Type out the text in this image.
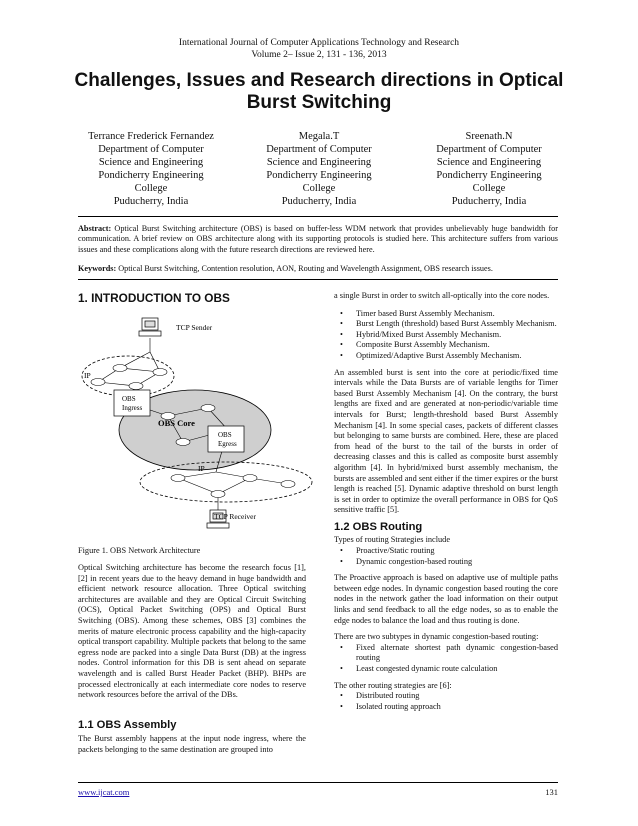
International Journal of Computer Applications Technology and Research
Volume 2– Issue 2, 131 - 136, 2013
Challenges, Issues and Research directions in Optical Burst Switching
Terrance Frederick Fernandez
Department of Computer
Science and Engineering
Pondicherry Engineering
College
Puducherry, India
Megala.T
Department of Computer
Science and Engineering
Pondicherry Engineering
College
Puducherry, India
Sreenath.N
Department of Computer
Science and Engineering
Pondicherry Engineering
College
Puducherry, India
Abstract: Optical Burst Switching architecture (OBS) is based on buffer-less WDM network that provides unbelievably huge bandwidth for communication. A brief review on OBS architecture along with its supporting protocols is studied here. This architecture suffers from various issues and these complications along with the future research directions are reviewed here.
Keywords: Optical Burst Switching, Contention resolution, AON, Routing and Wavelength Assignment, OBS research issues.
1. INTRODUCTION TO OBS
TCP Sender
IP
OBS
Ingress
OBS Core
OBS
Egress
IP
TCP Receiver
Figure 1. OBS Network Architecture

Optical Switching architecture has become the research focus [1], [2] in recent years due to the heavy demand in huge bandwidth and efficient network resource allocation. Three Optical switching architectures are available and they are Optical Circuit Switching (OCS), Optical Packet Switching (OPS) and Optical Burst Switching (OBS). Among these schemes, OBS [3] combines the merits of mature electronic process capability and the high-capacity optical transport capability. Multiple packets that belong to the same egress node are packed into a single Data Burst (DB) at the ingress nodes. Control information for this DB is sent ahead on separate wavelength and is called Burst Header Packet (BHP). BHPs are processed electronically at each intermediate core nodes to reserve network resources before the arrival of the DBs.

1.1 OBS Assembly

The Burst assembly happens at the input node ingress, where the packets belonging to the same destination are grouped into

a single Burst in order to switch all-optically into the core nodes.

• Timer based Burst Assembly Mechanism.
• Burst Length (threshold) based Burst Assembly Mechanism.
• Hybrid/Mixed Burst Assembly Mechanism.
• Composite Burst Assembly Mechanism.
• Optimized/Adaptive Burst Assembly Mechanism.

An assembled burst is sent into the core at periodic/fixed time intervals while the Data Bursts are of variable lengths for Timer based Burst Assembly Mechanism [4]. On the contrary, the burst lengths are fixed and are generated at non-periodic/variable time intervals for Burst; length-threshold based Burst Assembly Mechanism [4]. In some special cases, packets of different classes but belonging to same bursts are combined. Here, these are placed from head of the burst to the tail of the bursts in order of decreasing classes and this is called as composite burst assembly algorithm [4]. In hybrid/mixed burst assembly mechanism, the bursts are assembled and sent either if the timer expires or the burst length is reached [5]. Dynamic adaptive threshold on burst length is set in order to optimize the overall performance in OBS for QoS sensitive traffic [5].

1.2 OBS Routing

Types of routing Strategies include

• Proactive/Static routing
• Dynamic congestion-based routing

The Proactive approach is based on adaptive use of multiple paths between edge nodes. In dynamic congestion based routing the core nodes in the network gather the load information on their output links and send feedback to all the edge nodes, so as to enable the edge nodes to balance the load and thus routing is done.

There are two subtypes in dynamic congestion-based routing:

• Fixed alternate shortest path dynamic congestion-based routing
• Least congested dynamic route calculation

The other routing strategies are [6]:

• Distributed routing
• Isolated routing approach
www.ijcat.com	131
